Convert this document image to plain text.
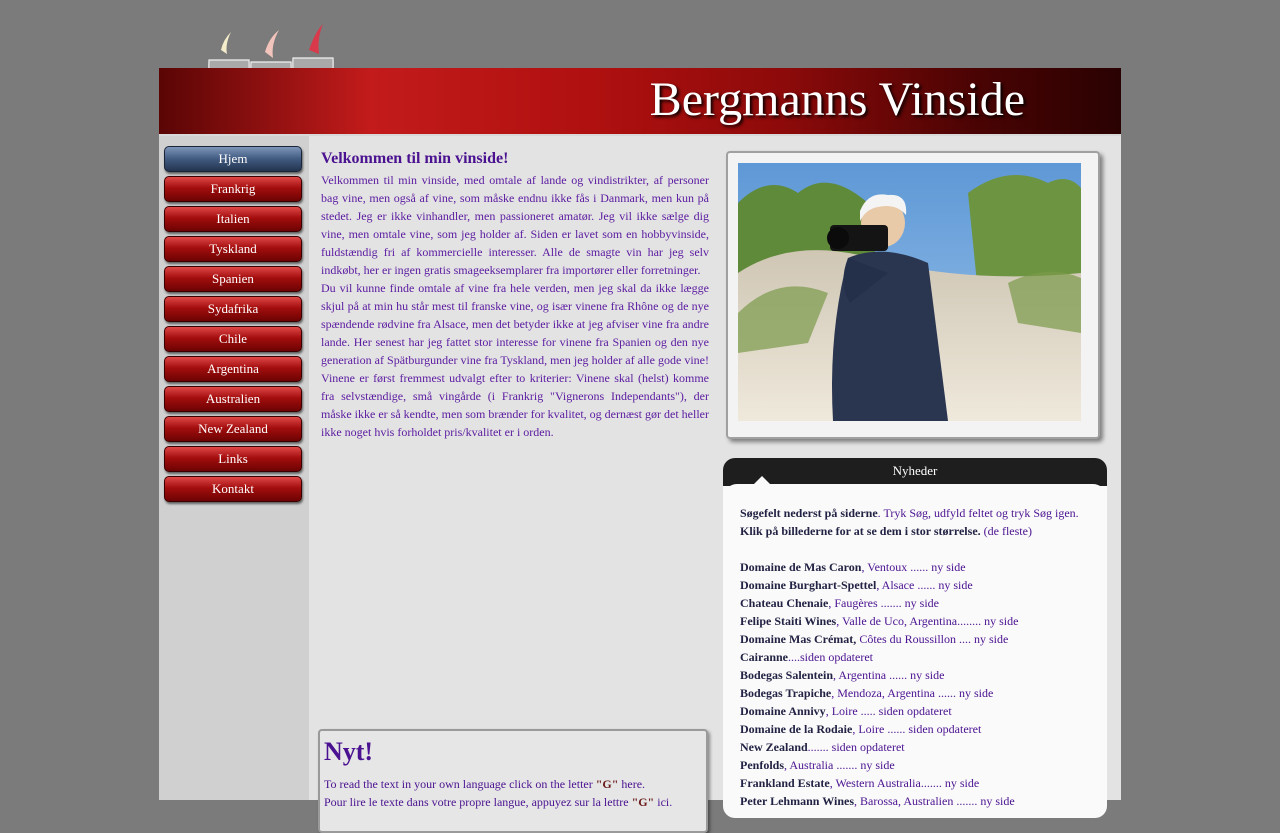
Bergmanns Vinside
Hjem
Frankrig
Italien
Tyskland
Spanien
Sydafrika
Chile
Argentina
Australien
New Zealand
Links
Kontakt
Velkommen til min vinside!

Velkommen til min vinside, med omtale af lande og vindistrikter, af personer bag vine, men også af vine, som måske endnu ikke fås i Danmark, men kun på stedet. Jeg er ikke vinhandler, men passioneret amatør. Jeg vil ikke sælge dig vine, men omtale vine, som jeg holder af. Siden er lavet som en hobbyvinside, fuldstændig fri af kommercielle interesser. Alle de smagte vin har jeg selv indkøbt, her er ingen gratis smageeksemplarer fra importører eller forretninger.

Du vil kunne finde omtale af vine fra hele verden, men jeg skal da ikke lægge skjul på at min hu står mest til franske vine, og især vinene fra Rhône og de nye spændende rødvine fra Alsace, men det betyder ikke at jeg afviser vine fra andre lande. Her senest har jeg fattet stor interesse for vinene fra Spanien og den nye generation af Spätburgunder vine fra Tyskland, men jeg holder af alle gode vine! Vinene er først fremmest udvalgt efter to kriterier: Vinene skal (helst) komme fra selvstændige, små vingårde (i Frankrig "Vignerons Independants"), der måske ikke er så kendte, men som brænder for kvalitet, og dernæst gør det heller ikke noget hvis forholdet pris/kvalitet er i orden.

Nyt!
To read the text in your own language click on the letter "G" here.
Pour lire le texte dans votre propre langue, appuyez sur la lettre "G" ici.
Nyheder
Søgefelt nederst på siderne. Tryk Søg, udfyld feltet og tryk Søg igen.
Klik på billederne for at se dem i stor størrelse. (de fleste)
Domaine de Mas Caron, Ventoux ...... ny side
Domaine Burghart-Spettel, Alsace ...... ny side
Chateau Chenaie, Faugères ....... ny side
Felipe Staiti Wines, Valle de Uco, Argentina........ ny side
Domaine Mas Crémat, Côtes du Roussillon .... ny side
Cairanne....siden opdateret
Bodegas Salentein, Argentina ...... ny side
Bodegas Trapiche, Mendoza, Argentina ...... ny side
Domaine Annivy, Loire ..... siden opdateret
Domaine de la Rodaie, Loire ...... siden opdateret
New Zealand....... siden opdateret
Penfolds, Australia ....... ny side
Frankland Estate, Western Australia....... ny side
Peter Lehmann Wines, Barossa, Australien ....... ny side
